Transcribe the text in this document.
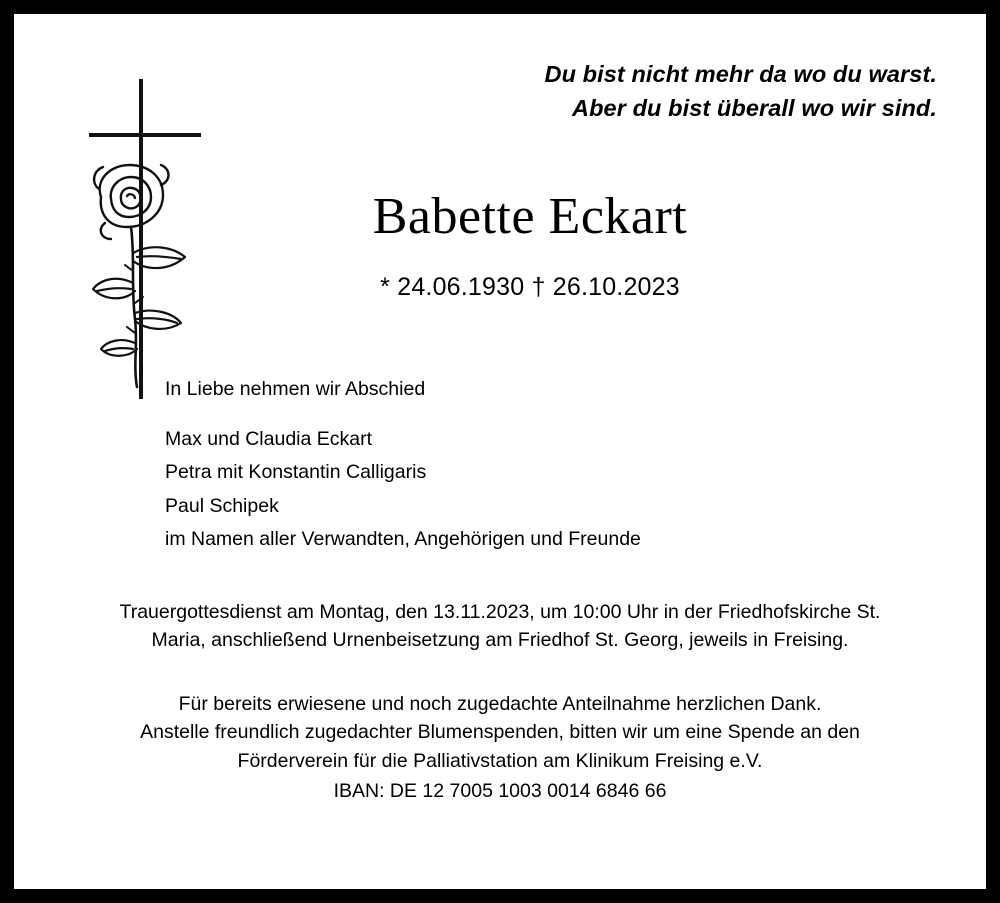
Du bist nicht mehr da wo du warst.
Aber du bist überall wo wir sind.
Babette Eckart
* 24.06.1930 † 26.10.2023
In Liebe nehmen wir Abschied
Max und Claudia Eckart
Petra mit Konstantin Calligaris
Paul Schipek
im Namen aller Verwandten, Angehörigen und Freunde
Trauergottesdienst am Montag, den 13.11.2023, um 10:00 Uhr in der Friedhofskirche St.
Maria, anschließend Urnenbeisetzung am Friedhof St. Georg, jeweils in Freising.
Für bereits erwiesene und noch zugedachte Anteilnahme herzlichen Dank.
Anstelle freundlich zugedachter Blumenspenden, bitten wir um eine Spende an den
Förderverein für die Palliativstation am Klinikum Freising e.V.
IBAN: DE 12 7005 1003 0014 6846 66
